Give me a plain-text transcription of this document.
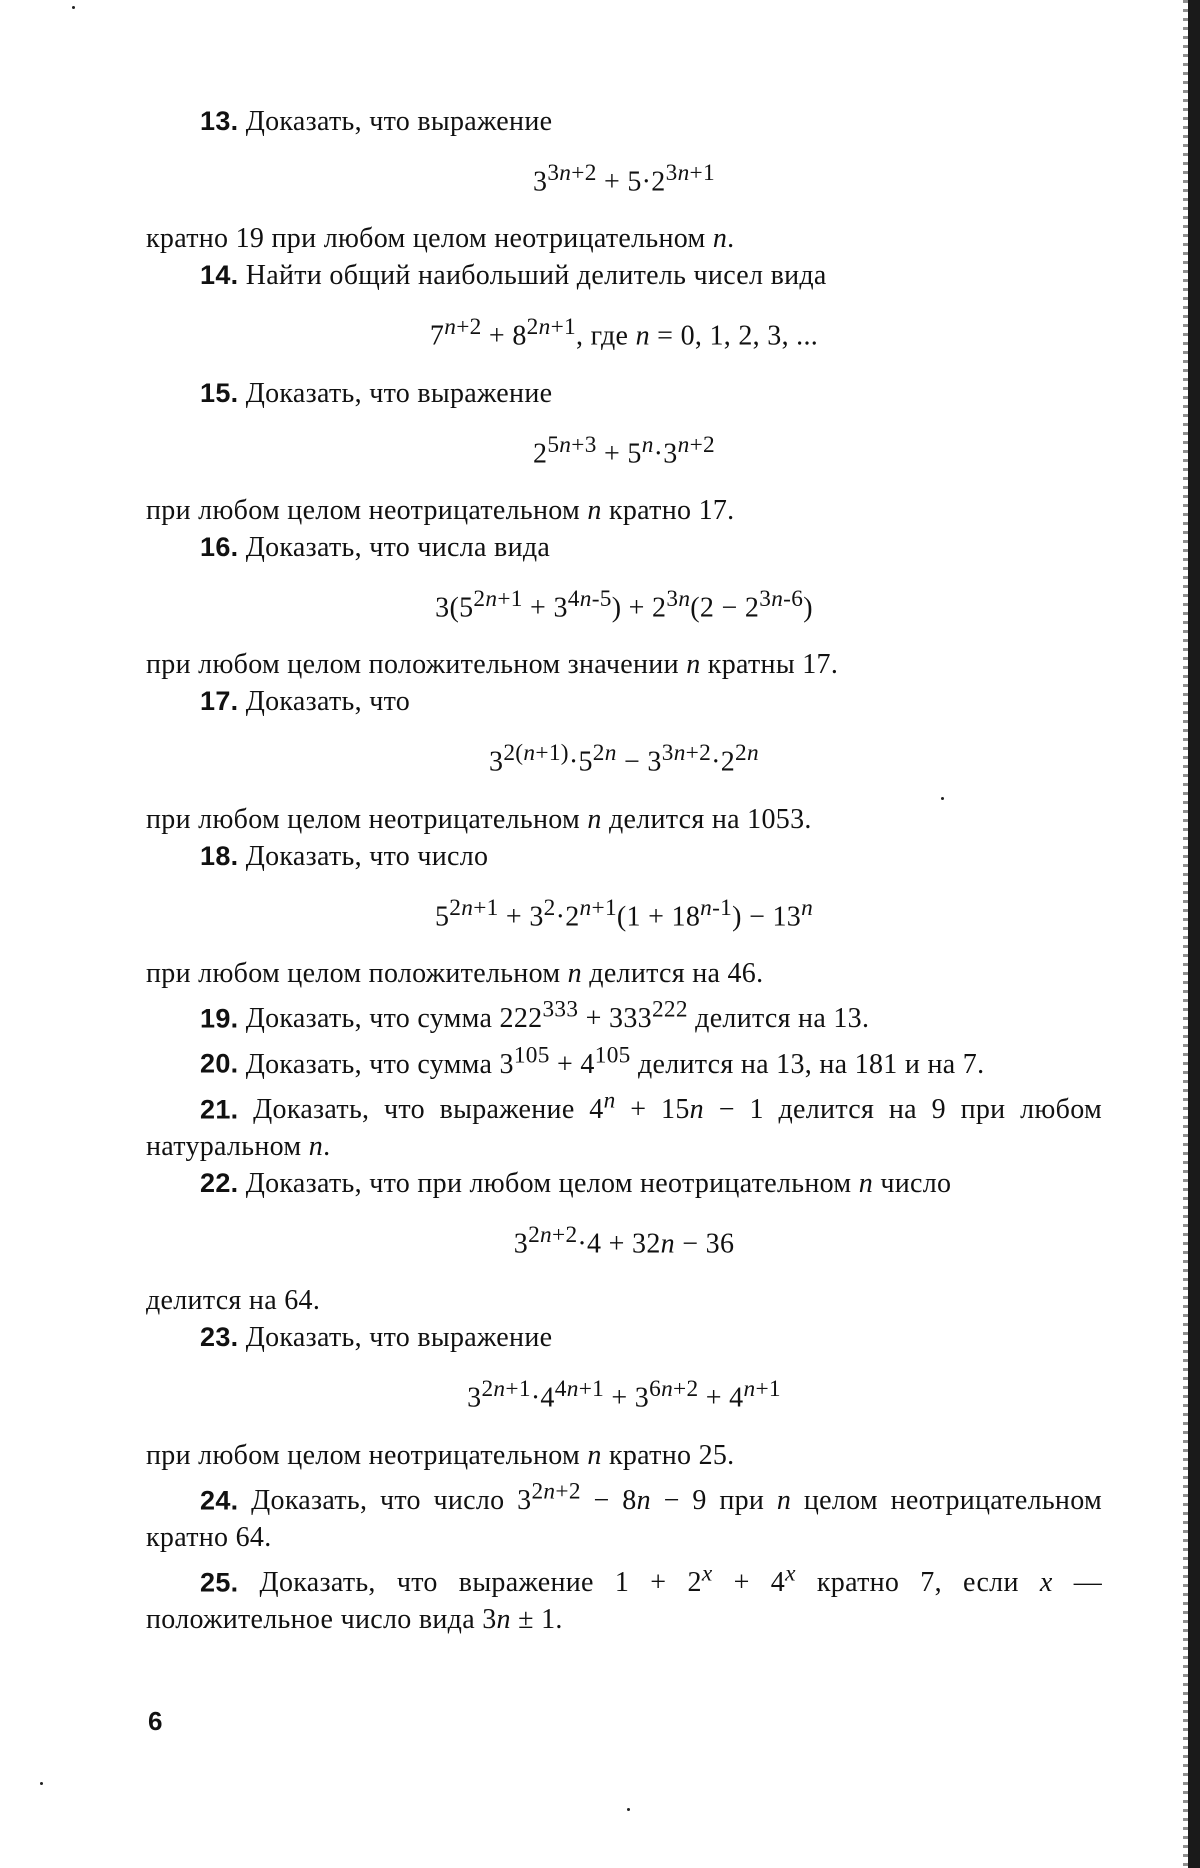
13. Доказать, что выражение

33n+2 + 5·23n+1

кратно 19 при любом целом неотрицательном n.

14. Найти общий наибольший делитель чисел вида

7n+2 + 82n+1, где n = 0, 1, 2, 3, ...

15. Доказать, что выражение

25n+3 + 5n·3n+2

при любом целом неотрицательном n кратно 17.

16. Доказать, что числа вида

3(52n+1 + 34n-5) + 23n(2 − 23n-6)

при любом целом положительном значении n кратны 17.

17. Доказать, что

32(n+1)·52n − 33n+2·22n

при любом целом неотрицательном n делится на 1053.

18. Доказать, что число

52n+1 + 32·2n+1(1 + 18n-1) − 13n

при любом целом положительном n делится на 46.

19. Доказать, что сумма 222333 + 333222 делится на 13.

20. Доказать, что сумма 3105 + 4105 делится на 13, на 181 и на 7.

21. Доказать, что выражение 4n + 15n − 1 делится на 9 при любом натуральном n.

22. Доказать, что при любом целом неотрицательном n число

32n+2·4 + 32n − 36

делится на 64.

23. Доказать, что выражение

32n+1·44n+1 + 36n+2 + 4n+1

при любом целом неотрицательном n кратно 25.

24. Доказать, что число 32n+2 − 8n − 9 при n целом неотрицательном кратно 64.

25. Доказать, что выражение 1 + 2x + 4x кратно 7, если x — положительное число вида 3n ± 1.

6
